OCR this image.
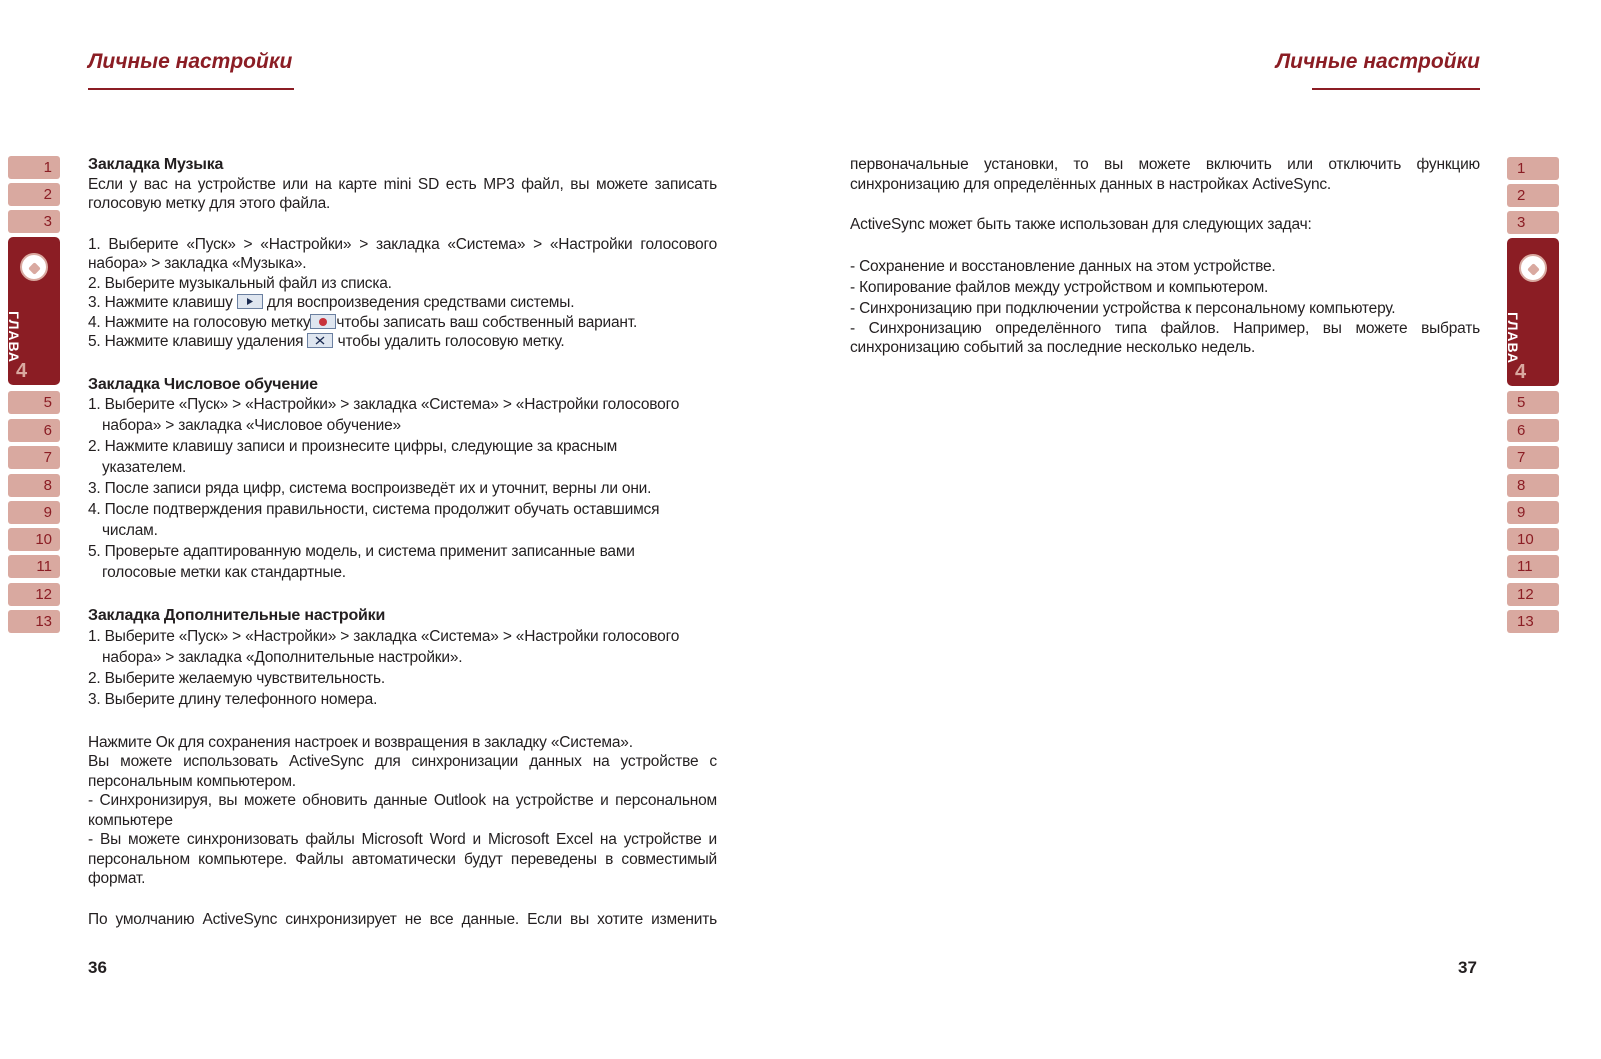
Личные настройки	Личные настройки
1
2
3
ГЛАВА
4
5
6
7
8
9
10
11
12
13
1
2
3
ГЛАВА
4
5
6
7
8
9
10
11
12
13

Закладка Музыка

Если у вас на устройстве или на карте mini SD есть MP3 файл, вы можете записать голосовую метку для этого файла.

1. Выберите «Пуск» > «Настройки» > закладка «Система» > «Настройки голосового набора» > закладка «Музыка».

2. Выберите музыкальный файл из списка.

3. Нажмите клавишу для воспроизведения средствами системы.

4. Нажмите на голосовую метку чтобы записать ваш собственный вариант.

5. Нажмите клавишу удаления чтобы удалить голосовую метку.

Закладка Числовое обучение

1. Выберите «Пуск» > «Настройки» > закладка «Система» > «Настройки голосового

набора» > закладка «Числовое обучение»

2. Нажмите клавишу записи и произнесите цифры, следующие за красным

указателем.

3. После записи ряда цифр, система воспроизведёт их и уточнит, верны ли они.

4. После подтверждения правильности, система продолжит обучать оставшимся

числам.

5. Проверьте адаптированную модель, и система применит записанные вами

голосовые метки как стандартные.

Закладка Дополнительные настройки

1. Выберите «Пуск» > «Настройки» > закладка «Система» > «Настройки голосового

набора» > закладка «Дополнительные настройки».

2. Выберите желаемую чувствительность.

3. Выберите длину телефонного номера.

Нажмите Ок для сохранения настроек и возвращения в закладку «Система».

Вы можете использовать ActiveSync для синхронизации данных на устройстве с персональным компьютером.

- Синхронизируя, вы можете обновить данные Outlook на устройстве и персональном компьютере

- Вы можете синхронизовать файлы Microsoft Word и Microsoft Excel на устройстве и персональном компьютере. Файлы автоматически будут переведены в совместимый формат.

По умолчанию ActiveSync синхронизирует не все данные. Если вы хотите изменить

36

первоначальные установки, то вы можете включить или отключить функцию синхронизацию для определённых данных в настройках ActiveSync.

ActiveSync может быть также использован для следующих задач:

- Сохранение и восстановление данных на этом устройстве.

- Копирование файлов между устройством и компьютером.

- Синхронизацию при подключении устройства к персональному компьютеру.

- Синхронизацию определённого типа файлов. Например, вы можете выбрать синхронизацию событий за последние несколько недель.

37
